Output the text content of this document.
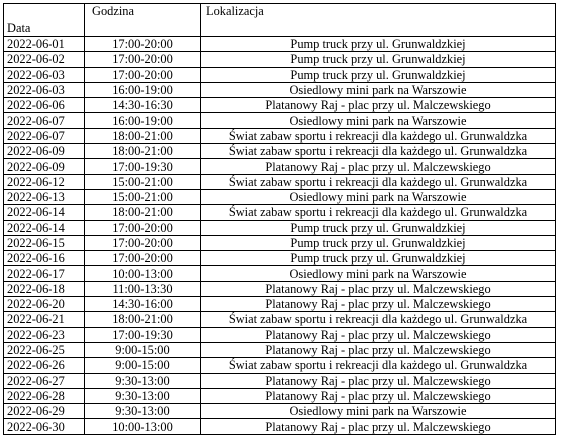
Data	Godzina	Lokalizacja
2022-06-01	17:00-20:00	Pump truck przy ul. Grunwaldzkiej
2022-06-02	17:00-20:00	Pump truck przy ul. Grunwaldzkiej
2022-06-03	17:00-20:00	Pump truck przy ul. Grunwaldzkiej
2022-06-03	16:00-19:00	Osiedlowy mini park na Warszowie
2022-06-06	14:30-16:30	Platanowy Raj - plac przy ul. Malczewskiego
2022-06-07	16:00-19:00	Osiedlowy mini park na Warszowie
2022-06-07	18:00-21:00	Świat zabaw sportu i rekreacji dla każdego ul. Grunwaldzka
2022-06-09	18:00-21:00	Świat zabaw sportu i rekreacji dla każdego ul. Grunwaldzka
2022-06-09	17:00-19:30	Platanowy Raj - plac przy ul. Malczewskiego
2022-06-12	15:00-21:00	Świat zabaw sportu i rekreacji dla każdego ul. Grunwaldzka
2022-06-13	15:00-21:00	Osiedlowy mini park na Warszowie
2022-06-14	18:00-21:00	Świat zabaw sportu i rekreacji dla każdego ul. Grunwaldzka
2022-06-14	17:00-20:00	Pump truck przy ul. Grunwaldzkiej
2022-06-15	17:00-20:00	Pump truck przy ul. Grunwaldzkiej
2022-06-16	17:00-20:00	Pump truck przy ul. Grunwaldzkiej
2022-06-17	10:00-13:00	Osiedlowy mini park na Warszowie
2022-06-18	11:00-13:30	Platanowy Raj - plac przy ul. Malczewskiego
2022-06-20	14:30-16:00	Platanowy Raj - plac przy ul. Malczewskiego
2022-06-21	18:00-21:00	Świat zabaw sportu i rekreacji dla każdego ul. Grunwaldzka
2022-06-23	17:00-19:30	Platanowy Raj - plac przy ul. Malczewskiego
2022-06-25	9:00-15:00	Platanowy Raj - plac przy ul. Malczewskiego
2022-06-26	9:00-15:00	Świat zabaw sportu i rekreacji dla każdego ul. Grunwaldzka
2022-06-27	9:30-13:00	Platanowy Raj - plac przy ul. Malczewskiego
2022-06-28	9:30-13:00	Platanowy Raj - plac przy ul. Malczewskiego
2022-06-29	9:30-13:00	Osiedlowy mini park na Warszowie
2022-06-30	10:00-13:00	Platanowy Raj - plac przy ul. Malczewskiego
